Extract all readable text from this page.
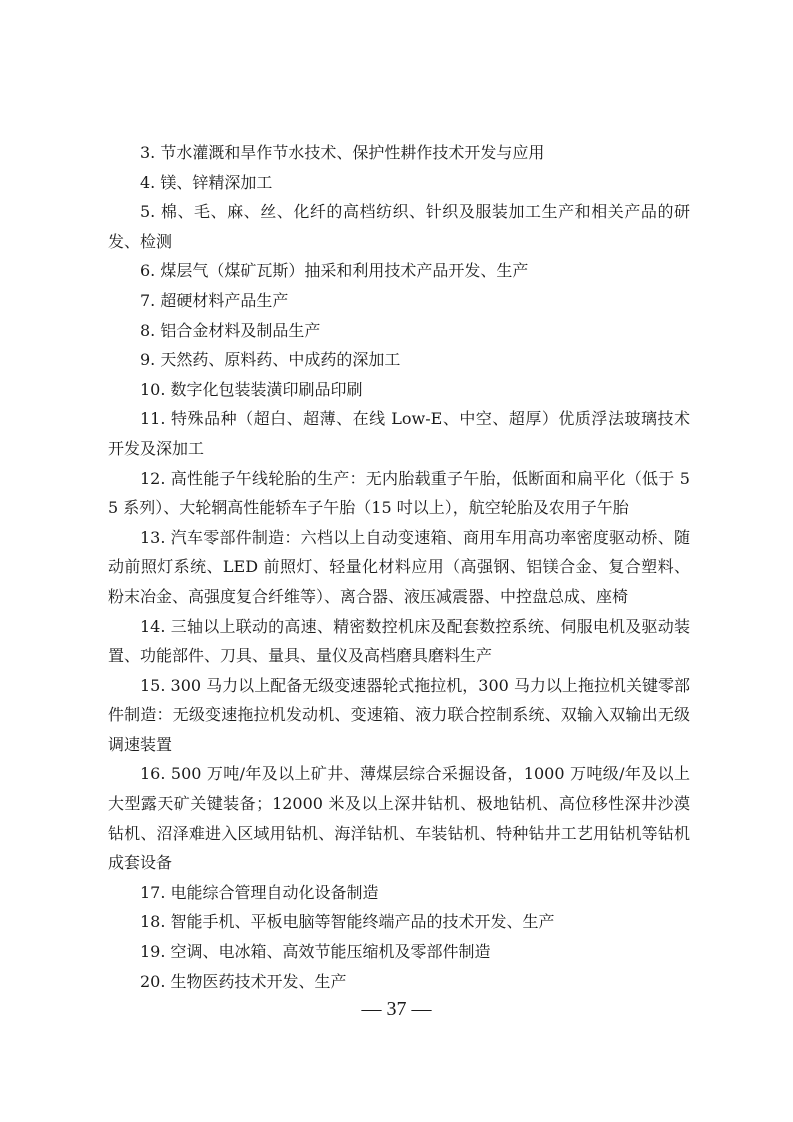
3. 节水灌溉和旱作节水技术、保护性耕作技术开发与应用

4. 镁、锌精深加工

5. 棉、毛、麻、丝、化纤的高档纺织、针织及服装加工生产和相关产品的研发、检测

6. 煤层气（煤矿瓦斯）抽采和利用技术产品开发、生产

7. 超硬材料产品生产

8. 铝合金材料及制品生产

9. 天然药、原料药、中成药的深加工

10. 数字化包装装潢印刷品印刷

11. 特殊品种（超白、超薄、在线 Low-E、中空、超厚）优质浮法玻璃技术开发及深加工

12. 高性能子午线轮胎的生产：无内胎载重子午胎，低断面和扁平化（低于 55 系列）、大轮辋高性能轿车子午胎（15 吋以上），航空轮胎及农用子午胎

13. 汽车零部件制造：六档以上自动变速箱、商用车用高功率密度驱动桥、随动前照灯系统、LED 前照灯、轻量化材料应用（高强钢、铝镁合金、复合塑料、粉末冶金、高强度复合纤维等）、离合器、液压减震器、中控盘总成、座椅

14. 三轴以上联动的高速、精密数控机床及配套数控系统、伺服电机及驱动装置、功能部件、刀具、量具、量仪及高档磨具磨料生产

15. 300 马力以上配备无级变速器轮式拖拉机，300 马力以上拖拉机关键零部件制造：无级变速拖拉机发动机、变速箱、液力联合控制系统、双输入双输出无级调速装置

16. 500 万吨/年及以上矿井、薄煤层综合采掘设备，1000 万吨级/年及以上大型露天矿关键装备；12000 米及以上深井钻机、极地钻机、高位移性深井沙漠钻机、沼泽难进入区域用钻机、海洋钻机、车装钻机、特种钻井工艺用钻机等钻机成套设备

17. 电能综合管理自动化设备制造

18. 智能手机、平板电脑等智能终端产品的技术开发、生产

19. 空调、电冰箱、高效节能压缩机及零部件制造

20. 生物医药技术开发、生产

— 37 —
